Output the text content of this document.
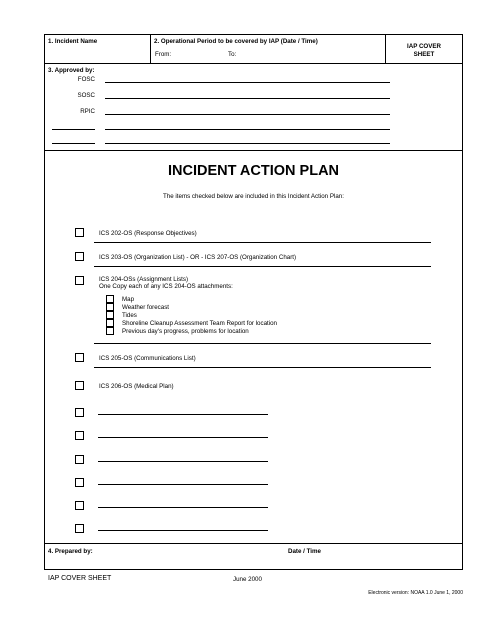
1. Incident Name	2. Operational Period to be covered by IAP (Date / Time)
From:	To:
IAP COVER
SHEET
3. Approved by:
FOSC
SOSC
RPIC
INCIDENT ACTION PLAN
The items checked below are included in this Incident Action Plan:
ICS 202-OS (Response Objectives)
ICS 203-OS (Organization List) - OR - ICS 207-OS (Organization Chart)
ICS 204-OSs (Assignment Lists)
One Copy each of any ICS 204-OS attachments:
Map
Weather forecast
Tides
Shoreline Cleanup Assessment Team Report for location
Previous day's progress, problems for location
ICS 205-OS (Communications List)
ICS 206-OS (Medical Plan)
4. Prepared by:	Date / Time
IAP COVER SHEET	June 2000
Electronic version: NOAA 1.0 June 1, 2000
